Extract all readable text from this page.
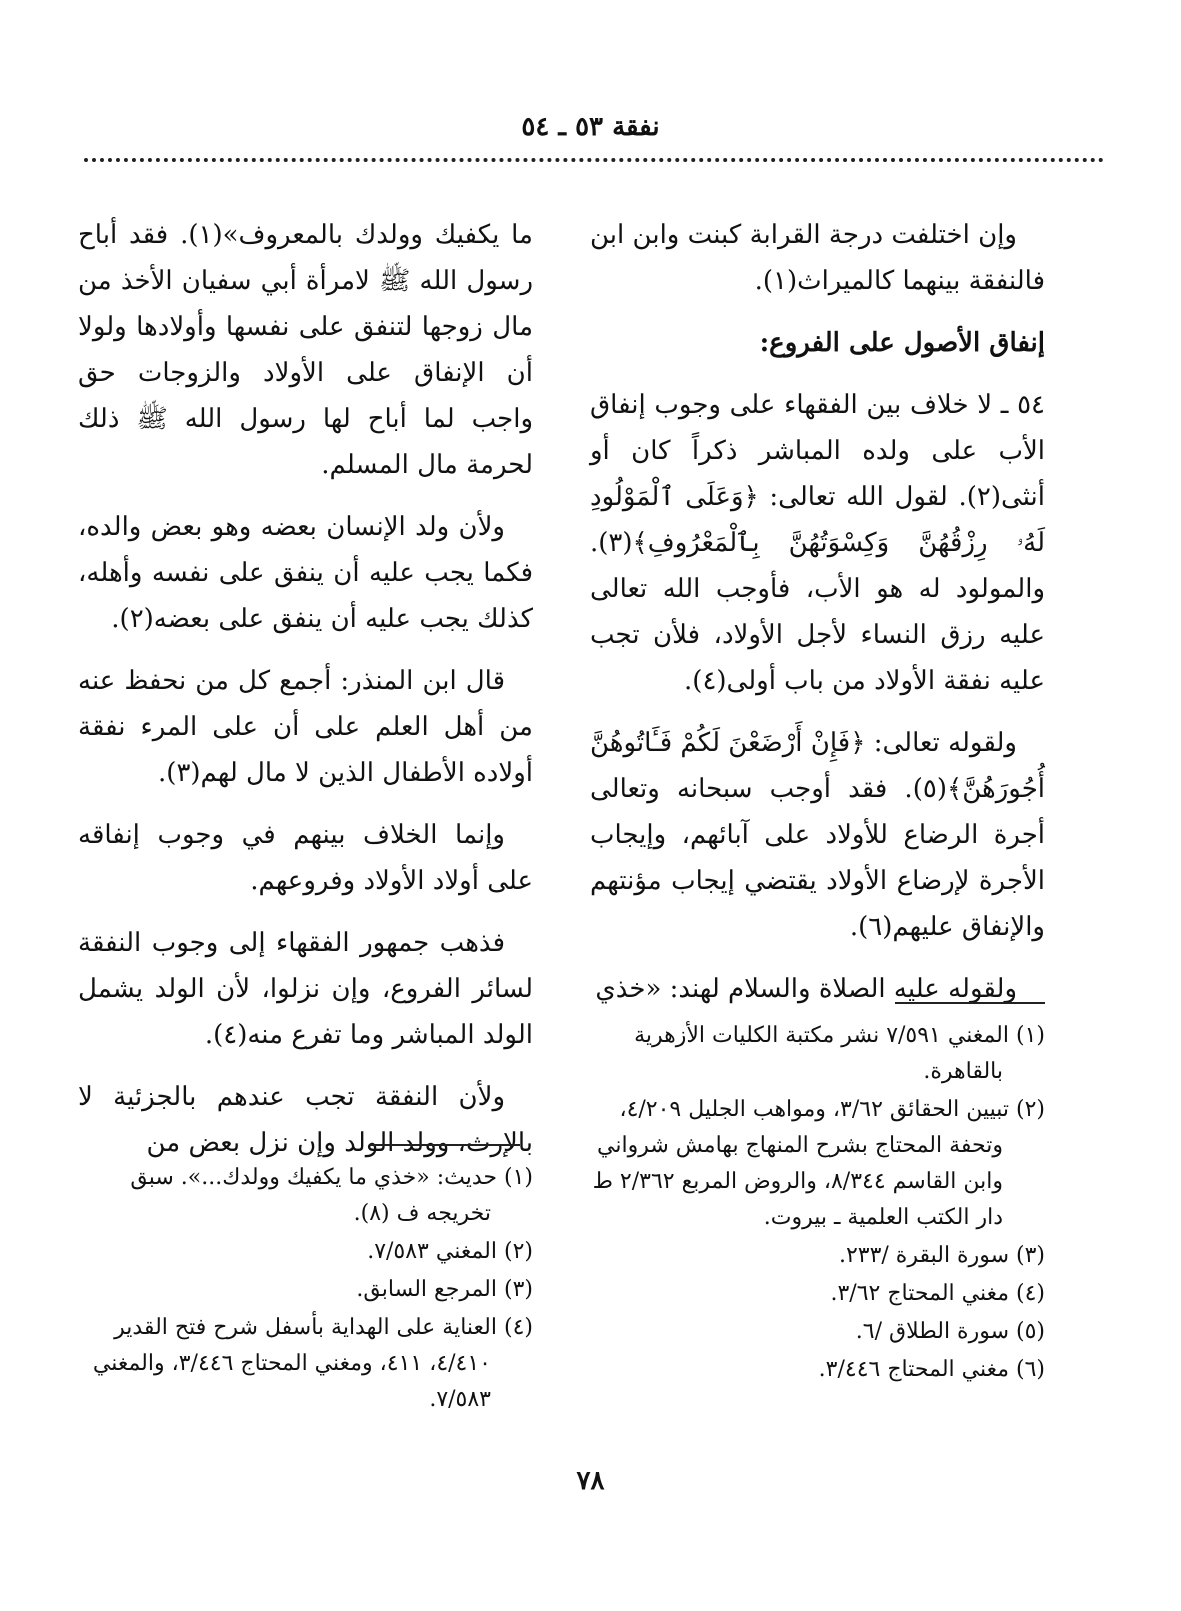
نفقة ٥٣ ـ ٥٤

وإن اختلفت درجة القرابة كبنت وابن ابن فالنفقة بينهما كالميراث(١).

إنفاق الأصول على الفروع:

٥٤ ـ لا خلاف بين الفقهاء على وجوب إنفاق الأب على ولده المباشر ذكراً كان أو أنثى(٢). لقول الله تعالى: ﴿وَعَلَى ٱلْمَوْلُودِ لَهُۥ رِزْقُهُنَّ وَكِسْوَتُهُنَّ بِٱلْمَعْرُوفِ﴾(٣). والمولود له هو الأب، فأوجب الله تعالى عليه رزق النساء لأجل الأولاد، فلأن تجب عليه نفقة الأولاد من باب أولى(٤).

ولقوله تعالى: ﴿فَإِنْ أَرْضَعْنَ لَكُمْ فَـَٔاتُوهُنَّ أُجُورَهُنَّ﴾(٥). فقد أوجب سبحانه وتعالى أجرة الرضاع للأولاد على آبائهم، وإيجاب الأجرة لإرضاع الأولاد يقتضي إيجاب مؤنتهم والإنفاق عليهم(٦).

ولقوله عليه الصلاة والسلام لهند: «خذي

ما يكفيك وولدك بالمعروف»(١). فقد أباح رسول الله ﷺ لامرأة أبي سفيان الأخذ من مال زوجها لتنفق على نفسها وأولادها ولولا أن الإنفاق على الأولاد والزوجات حق واجب لما أباح لها رسول الله ﷺ ذلك لحرمة مال المسلم.

ولأن ولد الإنسان بعضه وهو بعض والده، فكما يجب عليه أن ينفق على نفسه وأهله، كذلك يجب عليه أن ينفق على بعضه(٢).

قال ابن المنذر: أجمع كل من نحفظ عنه من أهل العلم على أن على المرء نفقة أولاده الأطفال الذين لا مال لهم(٣).

وإنما الخلاف بينهم في وجوب إنفاقه على أولاد الأولاد وفروعهم.

فذهب جمهور الفقهاء إلى وجوب النفقة لسائر الفروع، وإن نزلوا، لأن الولد يشمل الولد المباشر وما تفرع منه(٤).

ولأن النفقة تجب عندهم بالجزئية لا بالإرث، وولد الولد وإن نزل بعض من

(١) المغني ٧/٥٩١ نشر مكتبة الكليات الأزهرية بالقاهرة.

(٢) تبيين الحقائق ٣/٦٢، ومواهب الجليل ٤/٢٠٩، وتحفة المحتاج بشرح المنهاج بهامش شرواني وابن القاسم ٨/٣٤٤، والروض المربع ٢/٣٦٢ ط دار الكتب العلمية ـ بيروت.

(٣) سورة البقرة /٢٣٣.

(٤) مغني المحتاج ٣/٦٢.

(٥) سورة الطلاق /٦.

(٦) مغني المحتاج ٣/٤٤٦.

(١) حديث: «خذي ما يكفيك وولدك...». سبق تخريجه ف (٨).

(٢) المغني ٧/٥٨٣.

(٣) المرجع السابق.

(٤) العناية على الهداية بأسفل شرح فتح القدير ٤/٤١٠، ٤١١، ومغني المحتاج ٣/٤٤٦، والمغني ٧/٥٨٣.

٧٨
